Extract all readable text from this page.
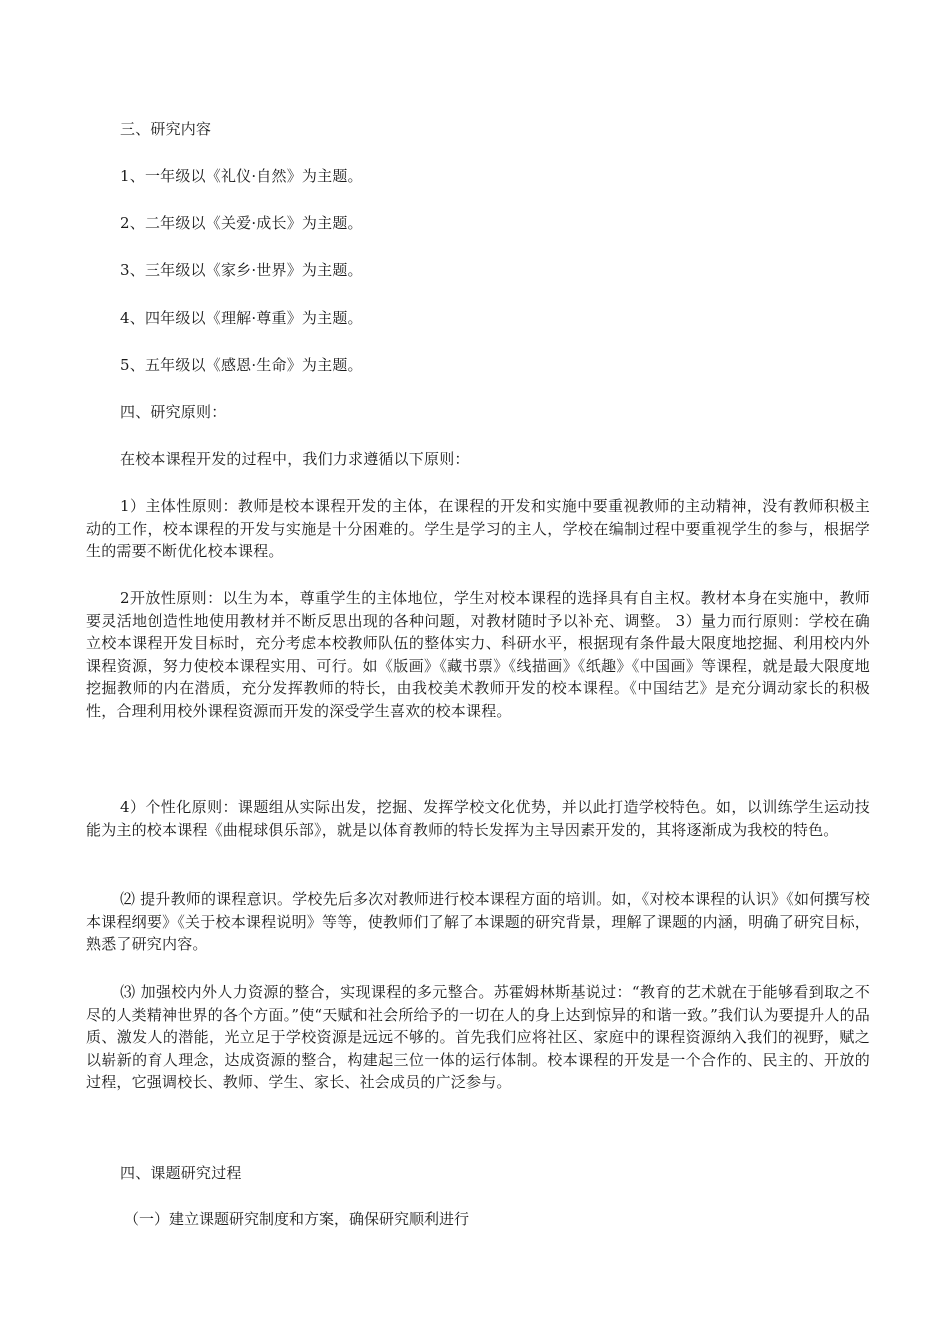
三、研究内容
1、一年级以《礼仪·自然》为主题。
2、二年级以《关爱·成长》为主题。
3、三年级以《家乡·世界》为主题。
4、四年级以《理解·尊重》为主题。
5、五年级以《感恩·生命》为主题。
四、研究原则：
在校本课程开发的过程中，我们力求遵循以下原则：
1）主体性原则：教师是校本课程开发的主体，在课程的开发和实施中要重视教师的主动精神，没有教师积极主动的工作，校本课程的开发与实施是十分困难的。学生是学习的主人，学校在编制过程中要重视学生的参与，根据学生的需要不断优化校本课程。
2开放性原则：以生为本，尊重学生的主体地位，学生对校本课程的选择具有自主权。教材本身在实施中，教师要灵活地创造性地使用教材并不断反思出现的各种问题，对教材随时予以补充、调整。 3）量力而行原则：学校在确立校本课程开发目标时，充分考虑本校教师队伍的整体实力、科研水平，根据现有条件最大限度地挖掘、利用校内外课程资源，努力使校本课程实用、可行。如《版画》《藏书票》《线描画》《纸趣》《中国画》等课程，就是最大限度地挖掘教师的内在潜质，充分发挥教师的特长，由我校美术教师开发的校本课程。《中国结艺》是充分调动家长的积极性，合理利用校外课程资源而开发的深受学生喜欢的校本课程。
4）个性化原则：课题组从实际出发，挖掘、发挥学校文化优势，并以此打造学校特色。如，以训练学生运动技能为主的校本课程《曲棍球俱乐部》，就是以体育教师的特长发挥为主导因素开发的，其将逐渐成为我校的特色。
⑵ 提升教师的课程意识。学校先后多次对教师进行校本课程方面的培训。如，《对校本课程的认识》《如何撰写校本课程纲要》《关于校本课程说明》等等，使教师们了解了本课题的研究背景，理解了课题的内涵，明确了研究目标，熟悉了研究内容。
⑶ 加强校内外人力资源的整合，实现课程的多元整合。苏霍姆林斯基说过：“教育的艺术就在于能够看到取之不尽的人类精神世界的各个方面。”使“天赋和社会所给予的一切在人的身上达到惊异的和谐一致。”我们认为要提升人的品质、激发人的潜能，光立足于学校资源是远远不够的。首先我们应将社区、家庭中的课程资源纳入我们的视野，赋之以崭新的育人理念，达成资源的整合，构建起三位一体的运行体制。校本课程的开发是一个合作的、民主的、开放的过程，它强调校长、教师、学生、家长、社会成员的广泛参与。
四、课题研究过程
（一）建立课题研究制度和方案，确保研究顺利进行
